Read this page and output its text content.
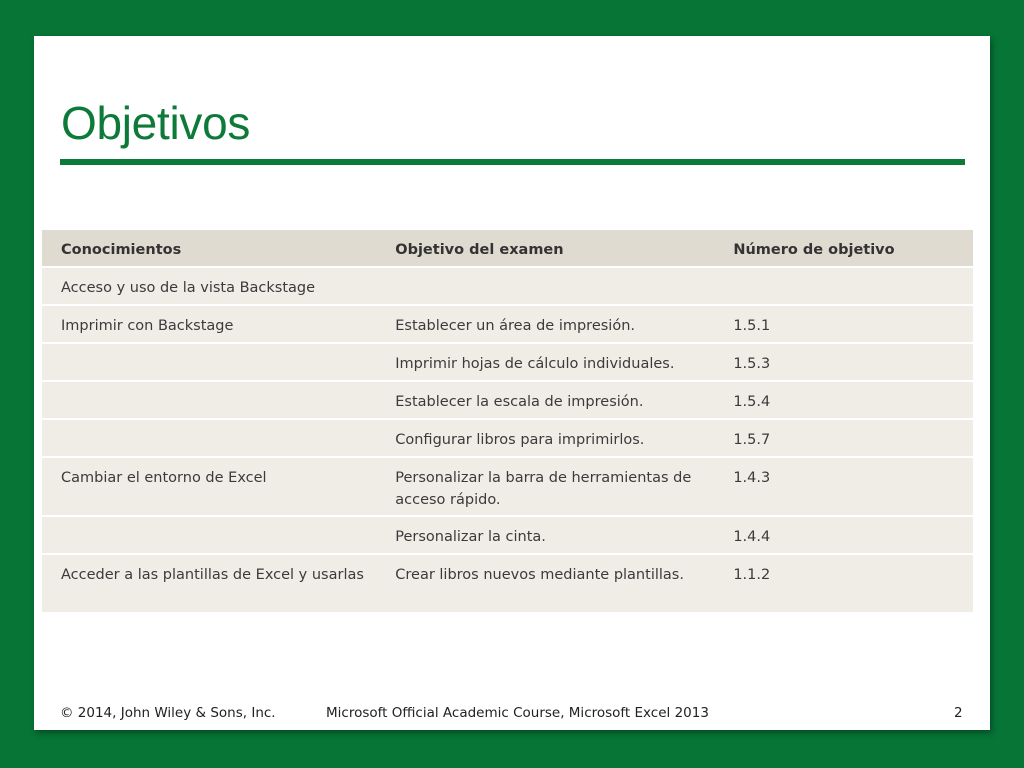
Objetivos
Conocimientos	Objetivo del examen	Número de objetivo
Acceso y uso de la vista Backstage		
Imprimir con Backstage	Establecer un área de impresión.	1.5.1
	Imprimir hojas de cálculo individuales.	1.5.3
	Establecer la escala de impresión.	1.5.4
	Configurar libros para imprimirlos.	1.5.7
Cambiar el entorno de Excel	Personalizar la barra de herramientas de acceso rápido.	1.4.3
	Personalizar la cinta.	1.4.4
Acceder a las plantillas de Excel y usarlas	Crear libros nuevos mediante plantillas.	1.1.2
© 2014, John Wiley & Sons, Inc.	Microsoft Official Academic Course, Microsoft Excel 2013	2
